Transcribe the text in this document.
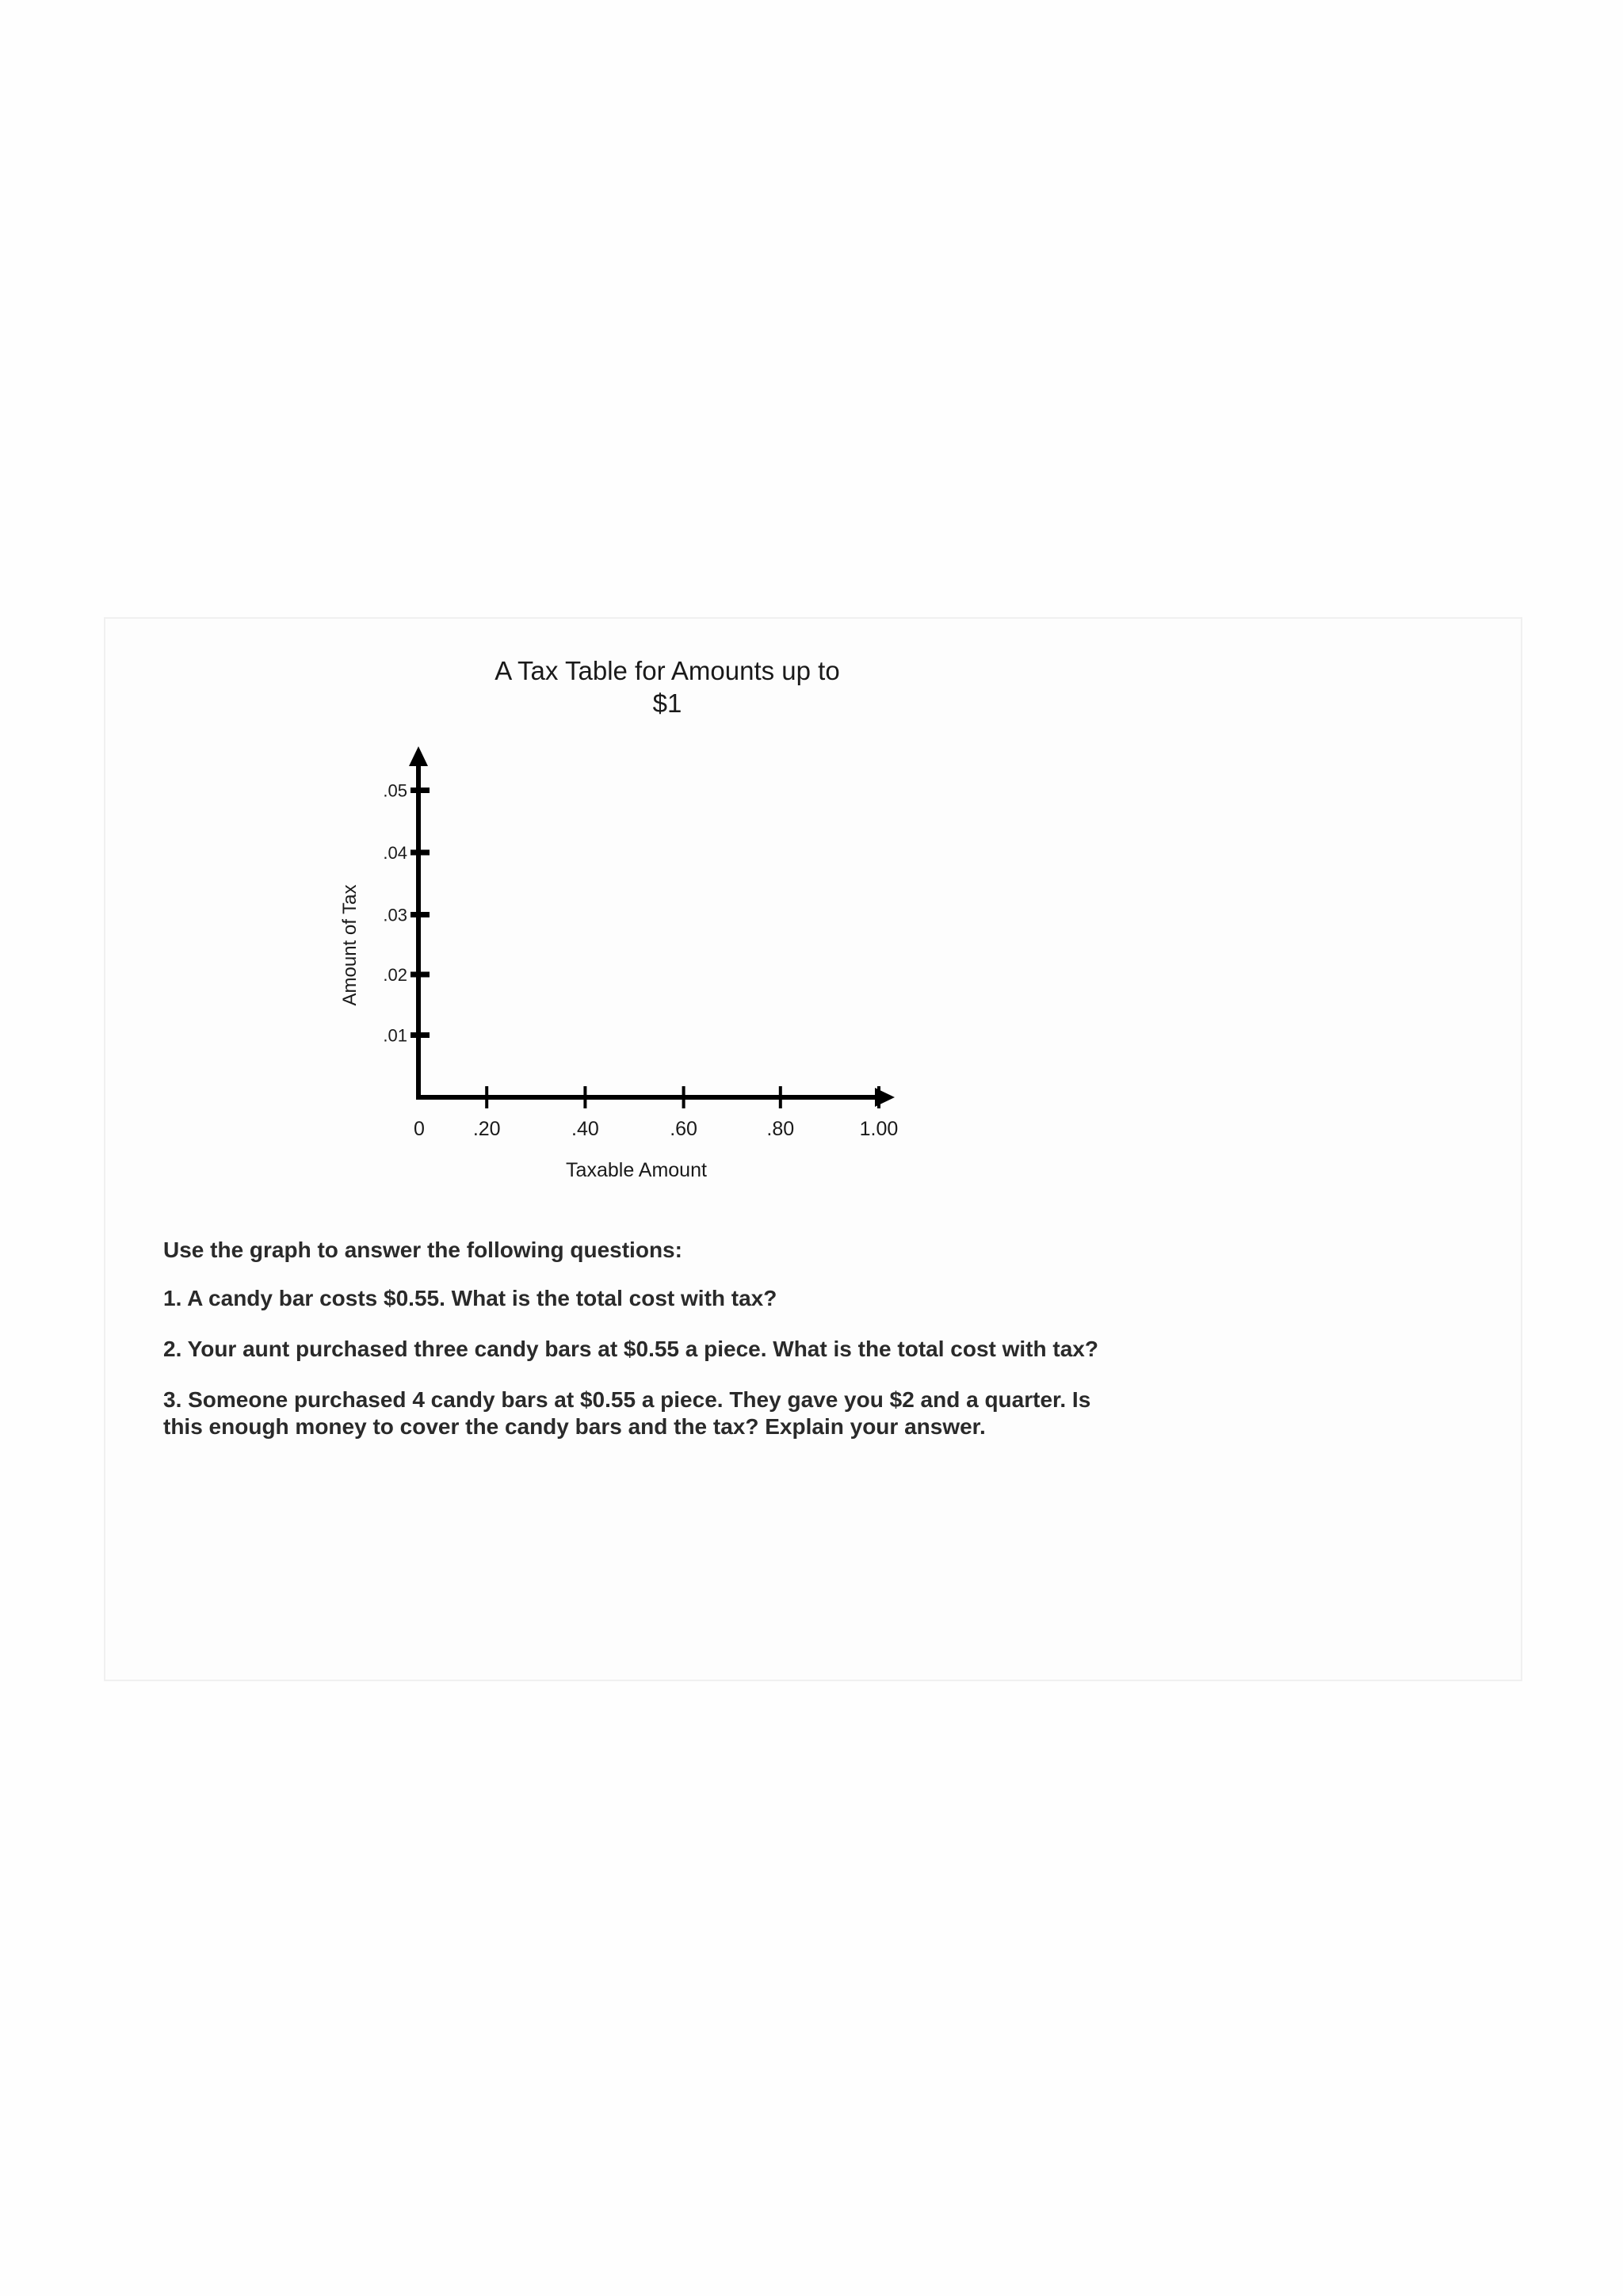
A Tax Table for Amounts up to
$1
.20	.40	.60	.80	1.00
.01
.02
.03
.04
.05
0
Taxable Amount
Amount of Tax

Use the graph to answer the following questions:

1. A candy bar costs $0.55. What is the total cost with tax?

2. Your aunt purchased three candy bars at $0.55 a piece. What is the total cost with tax?

3. Someone purchased 4 candy bars at $0.55 a piece. They gave you $2 and a quarter. Is this enough money to cover the candy bars and the tax? Explain your answer.
